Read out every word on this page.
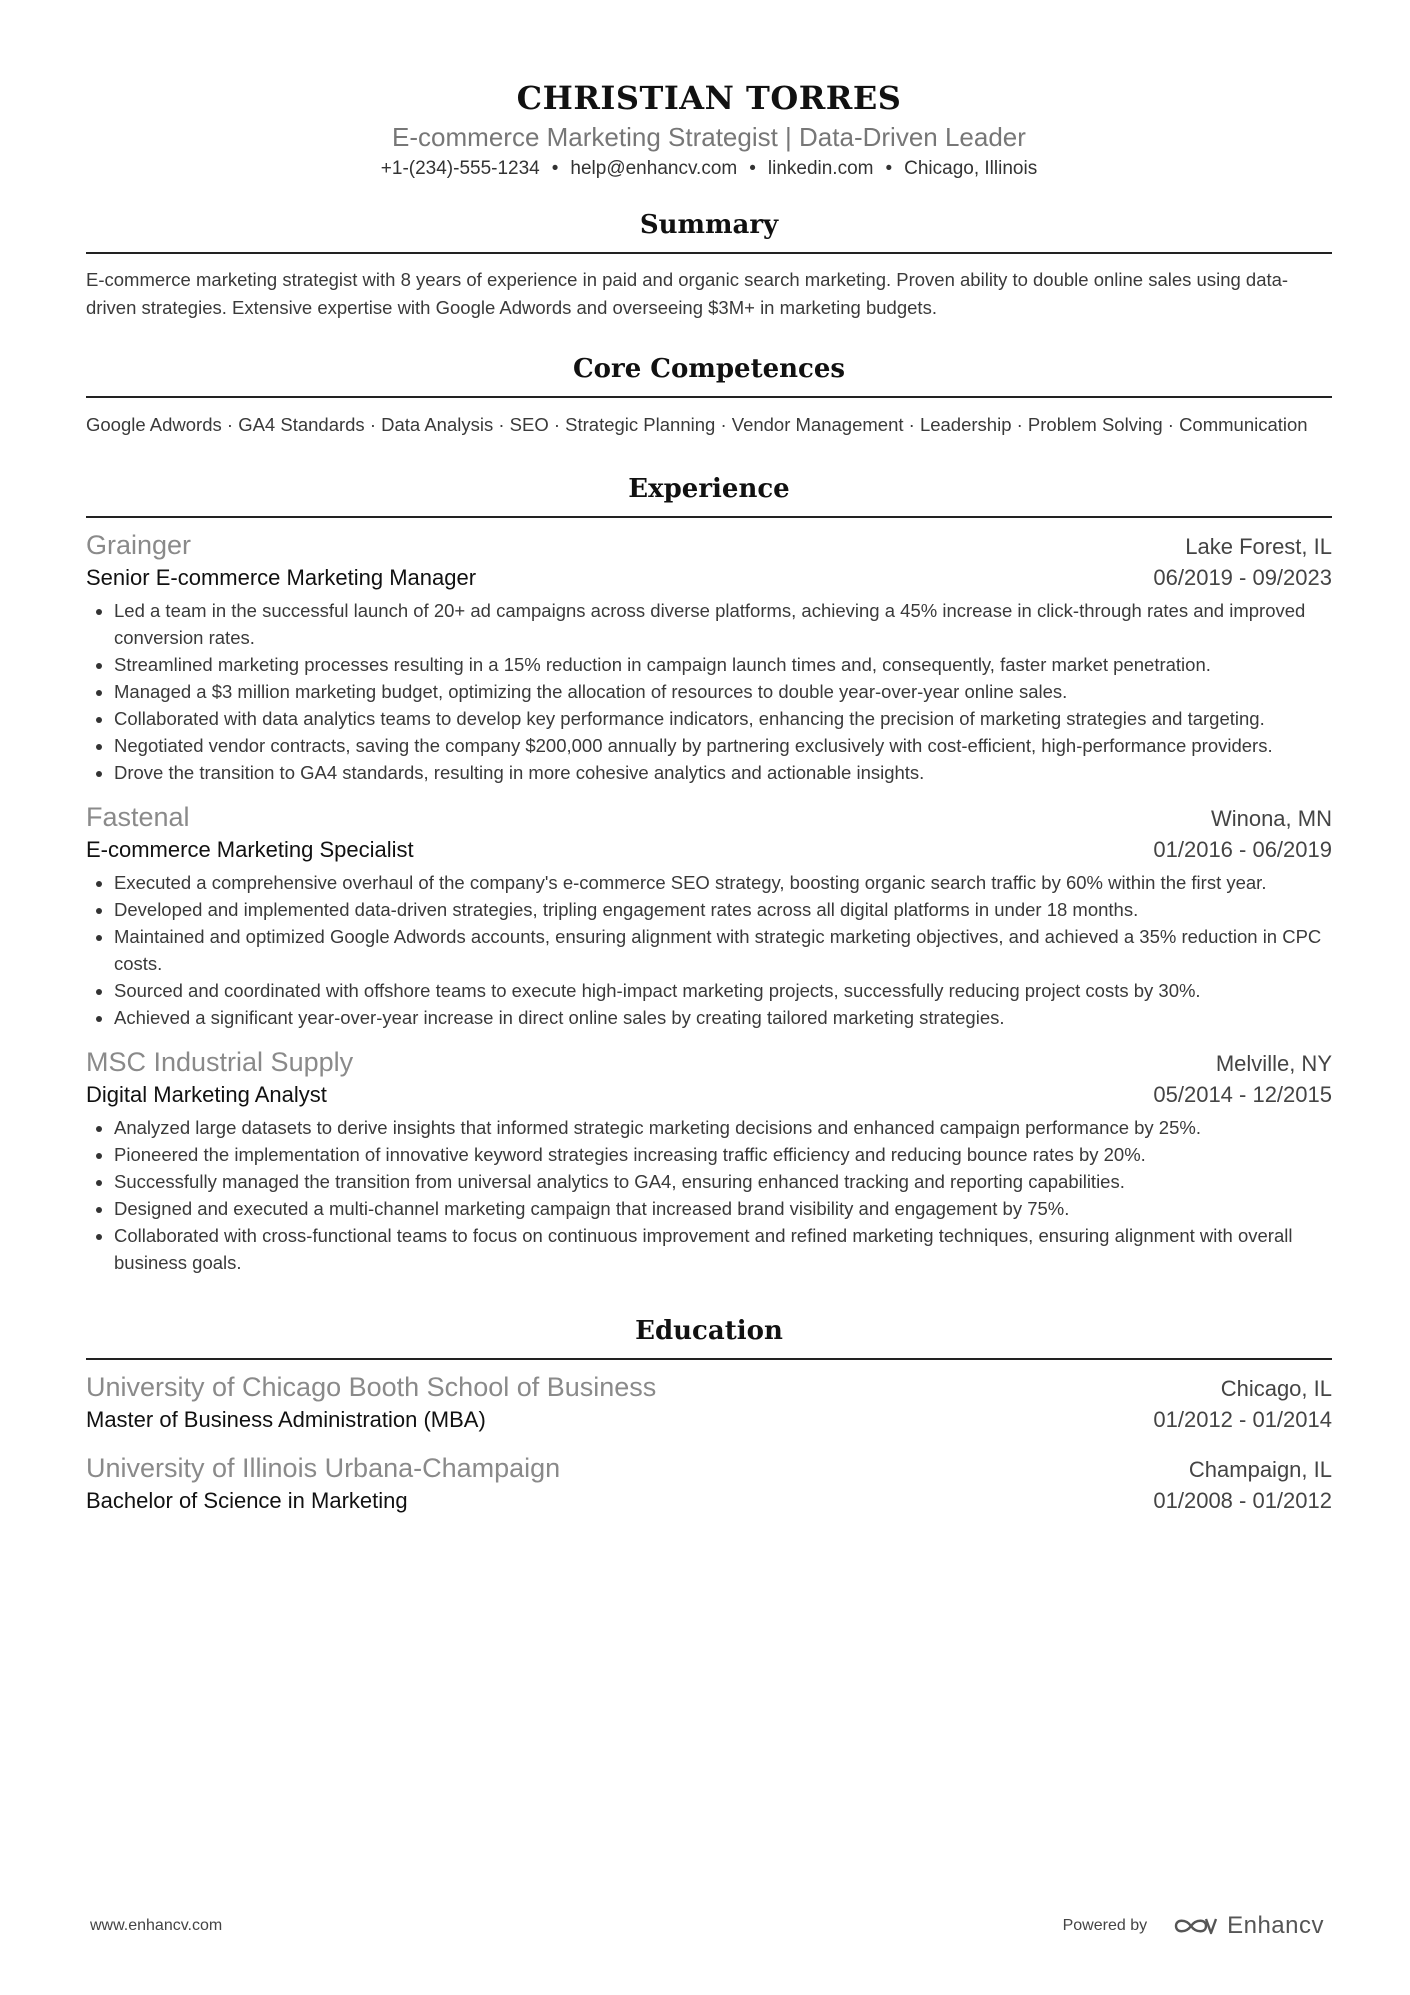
CHRISTIAN TORRES
E-commerce Marketing Strategist | Data-Driven Leader
+1-(234)-555-1234 • help@enhancv.com • linkedin.com • Chicago, Illinois
Summary
E-commerce marketing strategist with 8 years of experience in paid and organic search marketing. Proven ability to double online sales using data-driven strategies. Extensive expertise with Google Adwords and overseeing $3M+ in marketing budgets.
Core Competences
Google Adwords · GA4 Standards · Data Analysis · SEO · Strategic Planning · Vendor Management · Leadership · Problem Solving · Communication
Experience
Grainger	Lake Forest, IL
Senior E-commerce Marketing Manager	06/2019 - 09/2023
Led a team in the successful launch of 20+ ad campaigns across diverse platforms, achieving a 45% increase in click-through rates and improved conversion rates.
Streamlined marketing processes resulting in a 15% reduction in campaign launch times and, consequently, faster market penetration.
Managed a $3 million marketing budget, optimizing the allocation of resources to double year-over-year online sales.
Collaborated with data analytics teams to develop key performance indicators, enhancing the precision of marketing strategies and targeting.
Negotiated vendor contracts, saving the company $200,000 annually by partnering exclusively with cost-efficient, high-performance providers.
Drove the transition to GA4 standards, resulting in more cohesive analytics and actionable insights.
Fastenal	Winona, MN
E-commerce Marketing Specialist	01/2016 - 06/2019
Executed a comprehensive overhaul of the company's e-commerce SEO strategy, boosting organic search traffic by 60% within the first year.
Developed and implemented data-driven strategies, tripling engagement rates across all digital platforms in under 18 months.
Maintained and optimized Google Adwords accounts, ensuring alignment with strategic marketing objectives, and achieved a 35% reduction in CPC costs.
Sourced and coordinated with offshore teams to execute high-impact marketing projects, successfully reducing project costs by 30%.
Achieved a significant year-over-year increase in direct online sales by creating tailored marketing strategies.
MSC Industrial Supply	Melville, NY
Digital Marketing Analyst	05/2014 - 12/2015
Analyzed large datasets to derive insights that informed strategic marketing decisions and enhanced campaign performance by 25%.
Pioneered the implementation of innovative keyword strategies increasing traffic efficiency and reducing bounce rates by 20%.
Successfully managed the transition from universal analytics to GA4, ensuring enhanced tracking and reporting capabilities.
Designed and executed a multi-channel marketing campaign that increased brand visibility and engagement by 75%.
Collaborated with cross-functional teams to focus on continuous improvement and refined marketing techniques, ensuring alignment with overall business goals.
Education
University of Chicago Booth School of Business	Chicago, IL
Master of Business Administration (MBA)	01/2012 - 01/2014
University of Illinois Urbana-Champaign	Champaign, IL
Bachelor of Science in Marketing	01/2008 - 01/2012
www.enhancv.com	Powered by	Enhancv
